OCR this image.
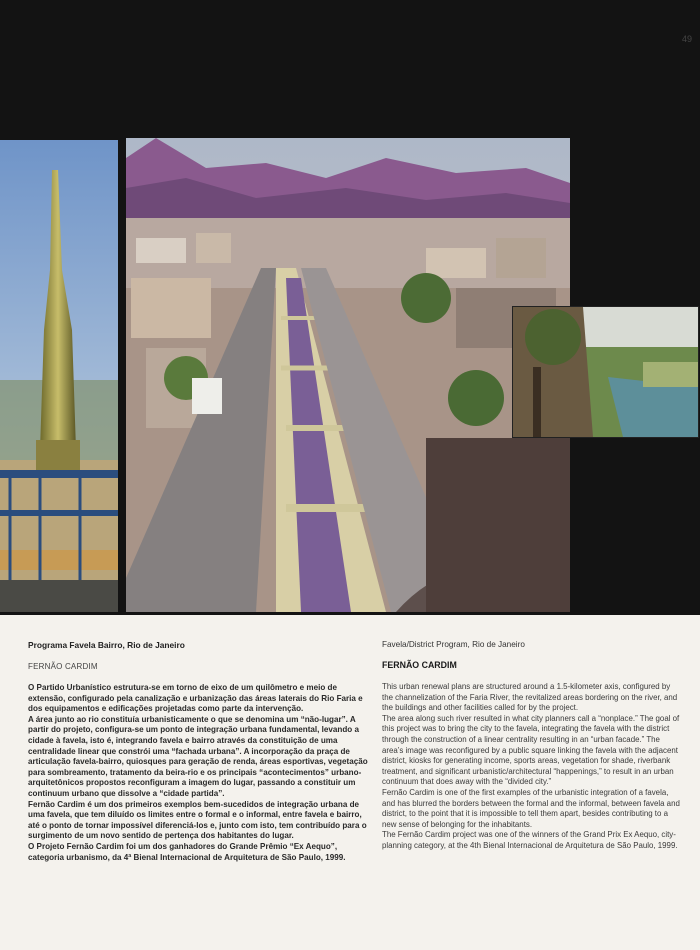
49

Programa Favela Bairro, Rio de Janeiro

FERNÃO CARDIM

O Partido Urbanístico estrutura-se em torno de eixo de um quilômetro e meio de extensão, configurado pela canalização e urbanização das áreas laterais do Rio Faria e dos equipamentos e edificações projetadas como parte da intervenção.
A área junto ao rio constituía urbanisticamente o que se denomina um “não-lugar”. A partir do projeto, configura-se um ponto de integração urbana fundamental, levando a cidade à favela, isto é, integrando favela e bairro através da constituição de uma centralidade linear que constrói uma “fachada urbana”. A incorporação da praça de articulação favela-bairro, quiosques para geração de renda, áreas esportivas, vegetação para sombreamento, tratamento da beira-rio e os principais “acontecimentos” urbano-arquitetônicos propostos reconfiguram a imagem do lugar, passando a constituir um continuum urbano que dissolve a “cidade partida”.
Fernão Cardim é um dos primeiros exemplos bem-sucedidos de integração urbana de uma favela, que tem diluído os limites entre o formal e o informal, entre favela e bairro, até o ponto de tornar impossível diferenciá-los e, junto com isto, tem contribuído para o surgimento de um novo sentido de pertença dos habitantes do lugar.
O Projeto Fernão Cardim foi um dos ganhadores do Grande Prêmio “Ex Aequo”, categoria urbanismo, da 4ª Bienal Internacional de Arquitetura de São Paulo, 1999.

Favela/District Program, Rio de Janeiro

FERNÃO CARDIM

This urban renewal plans are structured around a 1.5-kilometer axis, configured by the channelization of the Faria River, the revitalized areas bordering on the river, and the buildings and other facilities called for by the project.
The area along such river resulted in what city planners call a “nonplace.” The goal of this project was to bring the city to the favela, integrating the favela with the district through the construction of a linear centrality resulting in an “urban facade.” The area’s image was reconfigured by a public square linking the favela with the adjacent district, kiosks for generating income, sports areas, vegetation for shade, riverbank treatment, and significant urbanistic/architectural “happenings,” to result in an urban continuum that does away with the “divided city.”
Fernão Cardim is one of the first examples of the urbanistic integration of a favela, and has blurred the borders between the formal and the informal, between favela and district, to the point that it is impossible to tell them apart, besides contributing to a new sense of belonging for the inhabitants.
The Fernão Cardim project was one of the winners of the Grand Prix Ex Aequo, city-planning category, at the 4th Bienal Internacional de Arquitetura de São Paulo, 1999.
